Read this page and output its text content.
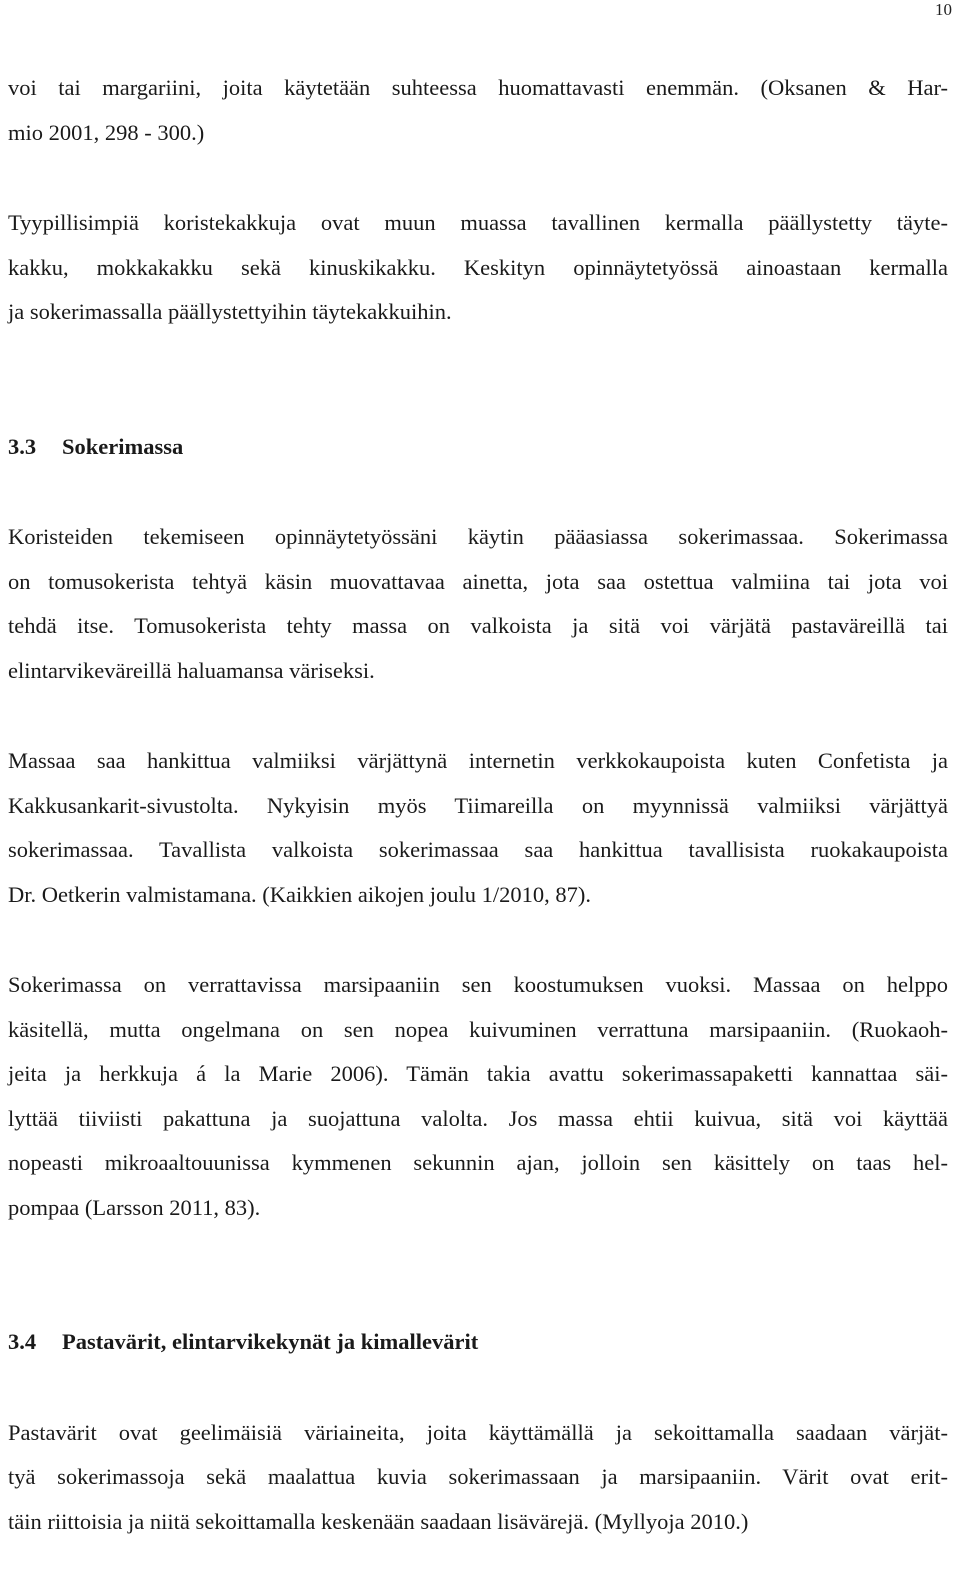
10

voi tai margariini, joita käytetään suhteessa huomattavasti enemmän. (Oksanen & Har-
mio 2001, 298 - 300.)

Tyypillisimpiä koristekakkuja ovat muun muassa tavallinen kermalla päällystetty täyte-
kakku, mokkakakku sekä kinuskikakku. Keskityn opinnäytetyössä ainoastaan kermalla
ja sokerimassalla päällystettyihin täytekakkuihin.

3.3 Sokerimassa

Koristeiden tekemiseen opinnäytetyössäni käytin pääasiassa sokerimassaa. Sokerimassa
on tomusokerista tehtyä käsin muovattavaa ainetta, jota saa ostettua valmiina tai jota voi
tehdä itse. Tomusokerista tehty massa on valkoista ja sitä voi värjätä pastaväreillä tai
elintarvikeväreillä haluamansa väriseksi.

Massaa saa hankittua valmiiksi värjättynä internetin verkkokaupoista kuten Confetista ja
Kakkusankarit-sivustolta. Nykyisin myös Tiimareilla on myynnissä valmiiksi värjättyä
sokerimassaa. Tavallista valkoista sokerimassaa saa hankittua tavallisista ruokakaupoista
Dr. Oetkerin valmistamana. (Kaikkien aikojen joulu 1/2010, 87).

Sokerimassa on verrattavissa marsipaaniin sen koostumuksen vuoksi. Massaa on helppo
käsitellä, mutta ongelmana on sen nopea kuivuminen verrattuna marsipaaniin. (Ruokaoh-
jeita ja herkkuja á la Marie 2006). Tämän takia avattu sokerimassapaketti kannattaa säi-
lyttää tiiviisti pakattuna ja suojattuna valolta. Jos massa ehtii kuivua, sitä voi käyttää
nopeasti mikroaaltouunissa kymmenen sekunnin ajan, jolloin sen käsittely on taas hel-
pompaa (Larsson 2011, 83).

3.4 Pastavärit, elintarvikekynät ja kimallevärit

Pastavärit ovat geelimäisiä väriaineita, joita käyttämällä ja sekoittamalla saadaan värjät-
tyä sokerimassoja sekä maalattua kuvia sokerimassaan ja marsipaaniin. Värit ovat erit-
täin riittoisia ja niitä sekoittamalla keskenään saadaan lisävärejä. (Myllyoja 2010.)
